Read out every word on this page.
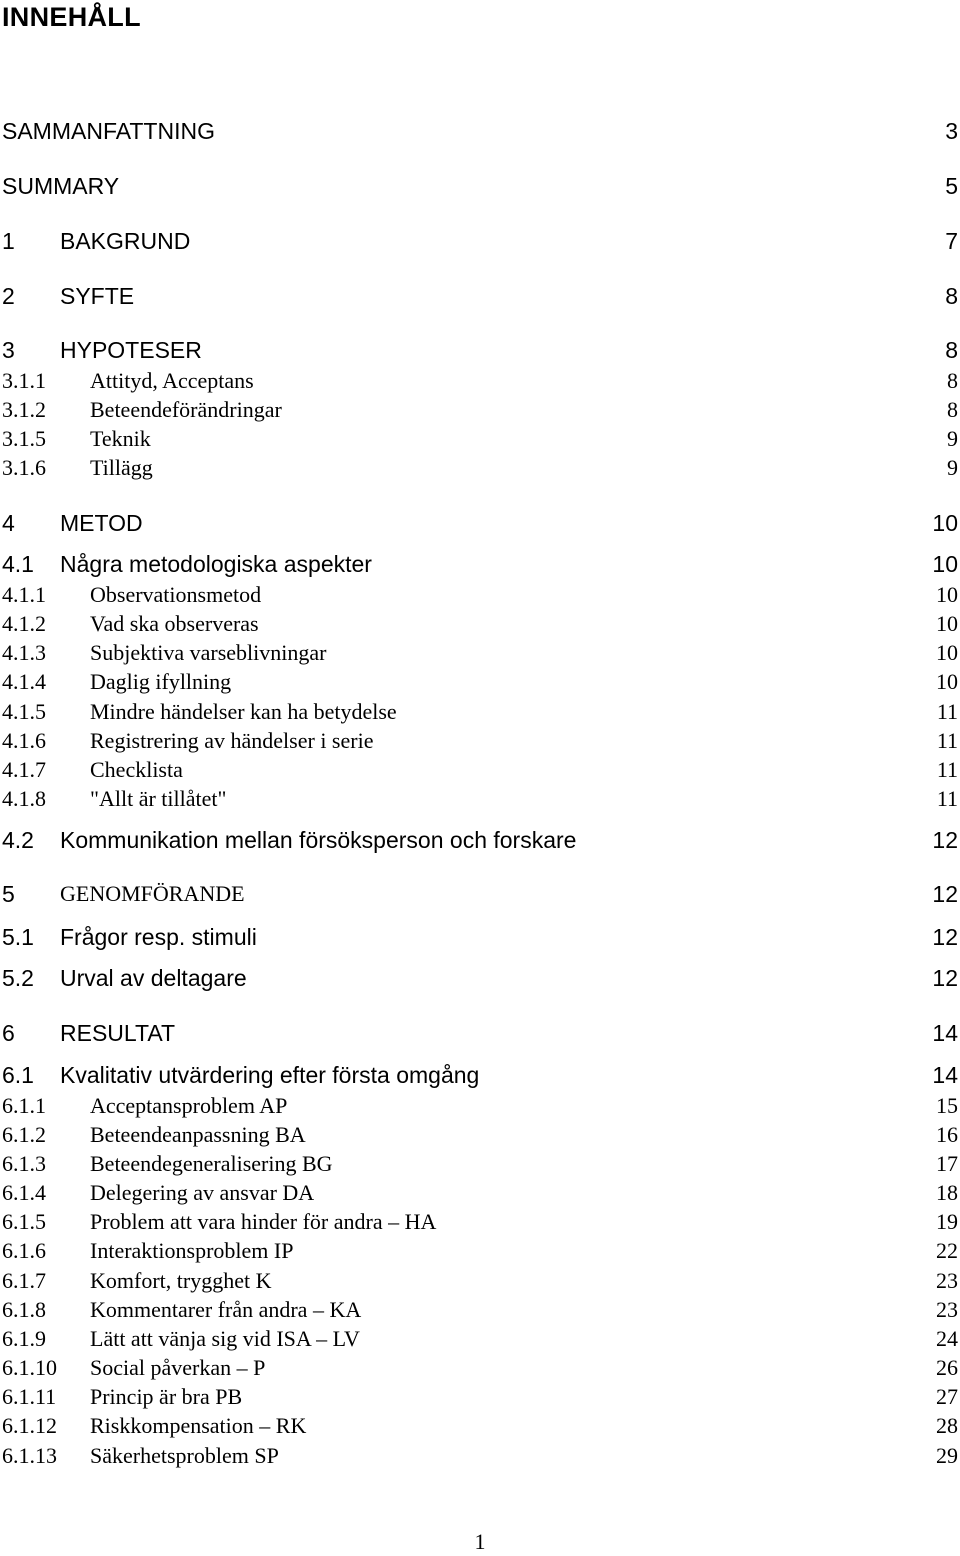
INNEHÅLL
SAMMANFATTNING	3
SUMMARY	5
1 BAKGRUND	7
2 SYFTE	8
3 HYPOTESER	8
3.1.1 Attityd, Acceptans	8
3.1.2 Beteendeförändringar	8
3.1.5 Teknik	9
3.1.6 Tillägg	9
4 METOD	10
4.1 Några metodologiska aspekter	10
4.1.1 Observationsmetod	10
4.1.2 Vad ska observeras	10
4.1.3 Subjektiva varseblivningar	10
4.1.4 Daglig ifyllning	10
4.1.5 Mindre händelser kan ha betydelse	11
4.1.6 Registrering av händelser i serie	11
4.1.7 Checklista	11
4.1.8 "Allt är tillåtet"	11
4.2 Kommunikation mellan försöksperson och forskare	12
5 GENOMFÖRANDE	12
5.1 Frågor resp. stimuli	12
5.2 Urval av deltagare	12
6 RESULTAT	14
6.1 Kvalitativ utvärdering efter första omgång	14
6.1.1 Acceptansproblem AP	15
6.1.2 Beteendeanpassning BA	16
6.1.3 Beteendegeneralisering BG	17
6.1.4 Delegering av ansvar DA	18
6.1.5 Problem att vara hinder för andra – HA	19
6.1.6 Interaktionsproblem IP	22
6.1.7 Komfort, trygghet K	23
6.1.8 Kommentarer från andra – KA	23
6.1.9 Lätt att vänja sig vid ISA – LV	24
6.1.10 Social påverkan – P	26
6.1.11 Princip är bra PB	27
6.1.12 Riskkompensation – RK	28
6.1.13 Säkerhetsproblem SP	29
1
